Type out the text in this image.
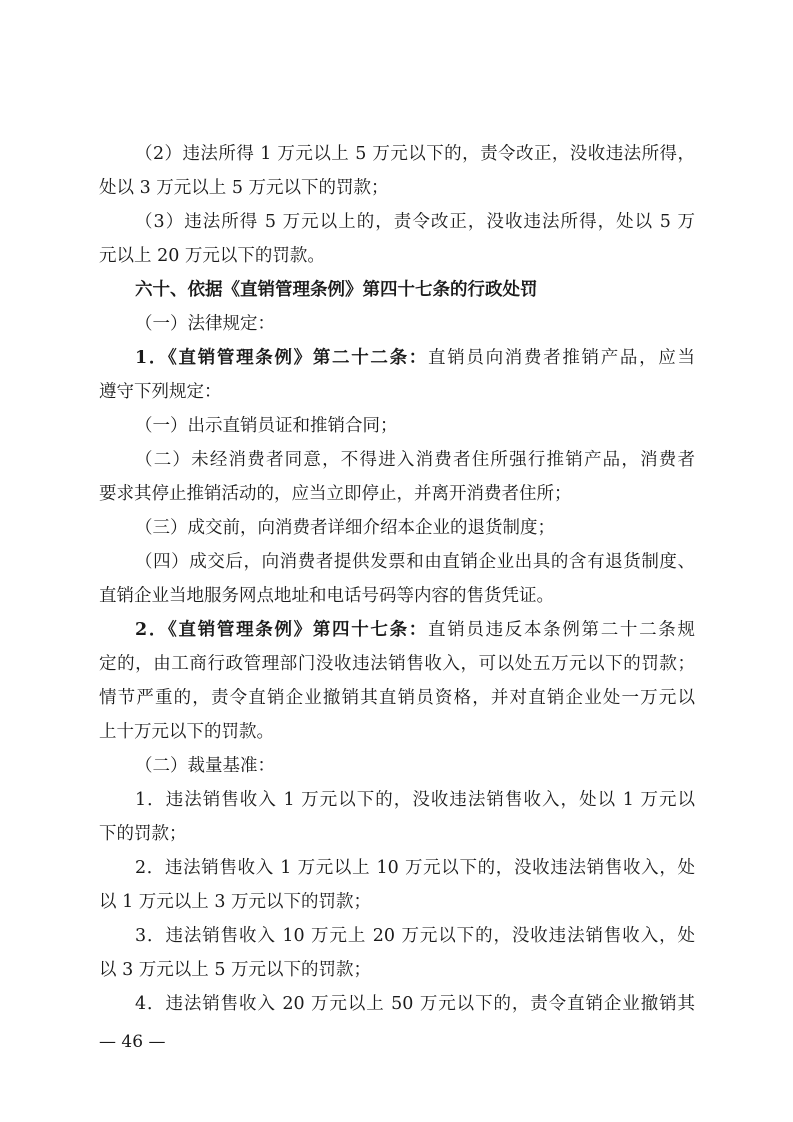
（2）违法所得 1 万元以上 5 万元以下的，责令改正，没收违法所得，
处以 3 万元以上 5 万元以下的罚款；
（3）违法所得 5 万元以上的，责令改正，没收违法所得，处以 5 万
元以上 20 万元以下的罚款。
六十、依据《直销管理条例》第四十七条的行政处罚
（一）法律规定：
1．《直销管理条例》第二十二条：直销员向消费者推销产品，应当
遵守下列规定：
（一）出示直销员证和推销合同；
（二）未经消费者同意，不得进入消费者住所强行推销产品，消费者
要求其停止推销活动的，应当立即停止，并离开消费者住所；
（三）成交前，向消费者详细介绍本企业的退货制度；
（四）成交后，向消费者提供发票和由直销企业出具的含有退货制度、
直销企业当地服务网点地址和电话号码等内容的售货凭证。
2．《直销管理条例》第四十七条：直销员违反本条例第二十二条规
定的，由工商行政管理部门没收违法销售收入，可以处五万元以下的罚款；
情节严重的，责令直销企业撤销其直销员资格，并对直销企业处一万元以
上十万元以下的罚款。
（二）裁量基准：
1．违法销售收入 1 万元以下的，没收违法销售收入，处以 1 万元以
下的罚款；
2．违法销售收入 1 万元以上 10 万元以下的，没收违法销售收入，处
以 1 万元以上 3 万元以下的罚款；
3．违法销售收入 10 万元上 20 万元以下的，没收违法销售收入，处
以 3 万元以上 5 万元以下的罚款；
4．违法销售收入 20 万元以上 50 万元以下的，责令直销企业撤销其
— 46 —
